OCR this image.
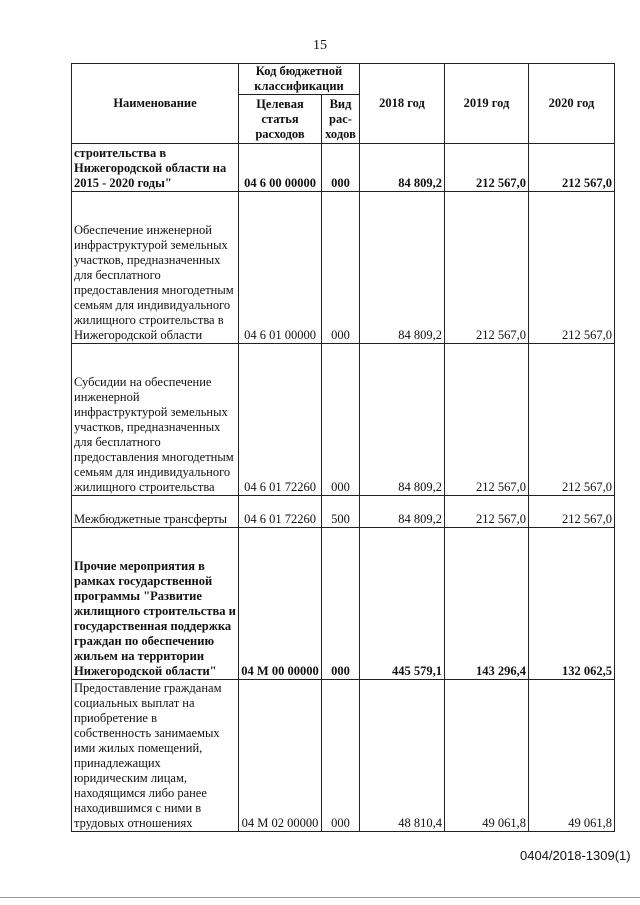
15
Наименование	Код бюджетной классификации		2018 год	2019 год	2020 год
	Целевая статья расходов	Вид рас-ходов			
строительства в Нижегородской области на 2015 - 2020 годы"	04 6 00 00000	000	84 809,2	212 567,0	212 567,0
Обеспечение инженерной инфраструктурой земельных участков, предназначенных для бесплатного предоставления многодетным семьям для индивидуального жилищного строительства в Нижегородской области	04 6 01 00000	000	84 809,2	212 567,0	212 567,0
Субсидии на обеспечение инженерной инфраструктурой земельных участков, предназначенных для бесплатного предоставления многодетным семьям для индивидуального жилищного строительства	04 6 01 72260	000	84 809,2	212 567,0	212 567,0
Межбюджетные трансферты	04 6 01 72260	500	84 809,2	212 567,0	212 567,0
Прочие мероприятия в рамках государственной программы "Развитие жилищного строительства и государственная поддержка граждан по обеспечению жильем на территории Нижегородской области"	04 М 00 00000	000	445 579,1	143 296,4	132 062,5
Предоставление гражданам социальных выплат на приобретение в собственность занимаемых ими жилых помещений, принадлежащих юридическим лицам, находящимся либо ранее находившимся с ними в трудовых отношениях	04 М 02 00000	000	48 810,4	49 061,8	49 061,8
0404/2018-1309(1)
